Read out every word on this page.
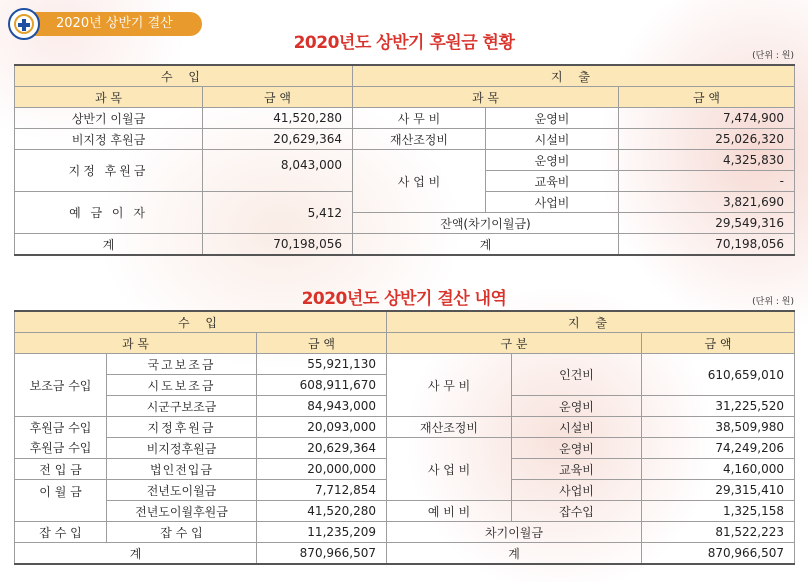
2020년 상반기 결산
2020년도 상반기 후원금 현황
(단위 : 원)
수 입		지 출		
과 목	금 액	과 목		금 액
상반기 이월금	41,520,280	사 무 비	운영비	7,474,900
비지정 후원금	20,629,364	재산조정비	시설비	25,026,320
지정 후원금	8,043,000	사 업 비	운영비	4,325,830
			교육비	-
예 금 이 자	5,412		사업비	3,821,690
		잔액(차기이월금)		29,549,316
계	70,198,056	계		70,198,056
2020년도 상반기 결산 내역	(단위 : 원)
수 입			지 출		
과 목		금 액	구 분		금 액
보조금 수입	국고보조금	55,921,130	사 무 비	인건비	610,659,010
	시도보조금	608,911,670			
	시군구보조금	84,943,000		운영비	31,225,520
후원금 수입	지정후원금	20,093,000	재산조정비	시설비	38,509,980
후원금 수입	비지정후원금	20,629,364	사 업 비	운영비	74,249,206
전 입 금	법인전입금	20,000,000		교육비	4,160,000
이 월 금	전년도이월금	7,712,854		사업비	29,315,410
	전년도이월후원금	41,520,280	예 비 비	잡수입	1,325,158
잡 수 입	잡 수 입	11,235,209	차기이월금		81,522,223
계		870,966,507	계		870,966,507
